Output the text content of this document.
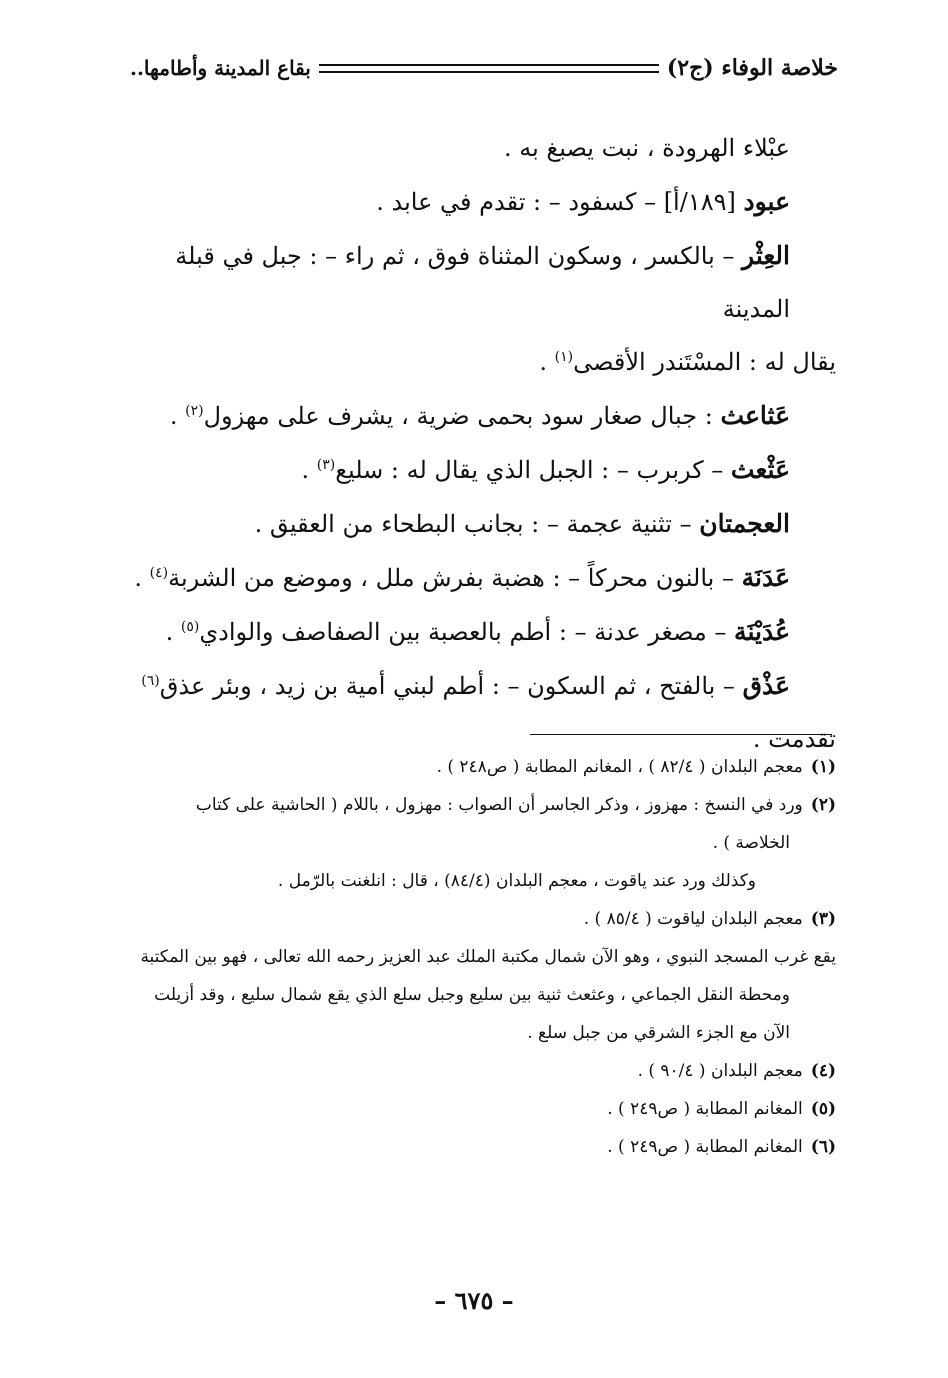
خلاصة الوفاء (ج٢)
بقاع المدينة وأطامها..

عبْلاء الهرودة ، نبت يصبغ به .

عبود [١٨٩/أ] – كسفود – : تقدم في عابد .

العِثْر – بالكسر ، وسكون المثناة فوق ، ثم راء – : جبل في قبلة المدينة

يقال له : المسْتَندر الأقصى$^{(١)}$ .

عَثاعث : جبال صغار سود بحمى ضرية ، يشرف على مهزول$^{(٢)}$ .

عَثْعث – كربرب – : الجبل الذي يقال له : سليع$^{(٣)}$ .

العجمتان – تثنية عجمة – : بجانب البطحاء من العقيق .

عَدَنَة – بالنون محركاً – : هضبة بفرش ملل ، وموضع من الشربة$^{(٤)}$ .

عُدَيْنَة – مصغر عدنة – : أطم بالعصبة بين الصفاصف والوادي$^{(٥)}$ .

عَذْق – بالفتح ، ثم السكون – : أطم لبني أمية بن زيد ، وبئر عذق$^{(٦)}$

تقدمت .

(١)معجم البلدان ( ٨٢/٤ ) ، المغانم المطابة ( ص٢٤٨ ) .

(٢)ورد في النسخ : مهزوز ، وذكر الجاسر أن الصواب : مهزول ، باللام ( الحاشية على كتاب

الخلاصة ) .

وكذلك ورد عند ياقوت ، معجم البلدان (٨٤/٤) ، قال : انلغنت بالرّمل .

(٣)معجم البلدان لياقوت ( ٨٥/٤ ) .

يقع غرب المسجد النبوي ، وهو الآن شمال مكتبة الملك عبد العزيز رحمه الله تعالى ، فهو بين المكتبة

ومحطة النقل الجماعي ، وعثعث ثنية بين سليع وجبل سلع الذي يقع شمال سليع ، وقد أزيلت

الآن مع الجزء الشرقي من جبل سلع .

(٤)معجم البلدان ( ٩٠/٤ ) .

(٥)المغانم المطابة ( ص٢٤٩ ) .

(٦)المغانم المطابة ( ص٢٤٩ ) .

– ٦٧٥ –
